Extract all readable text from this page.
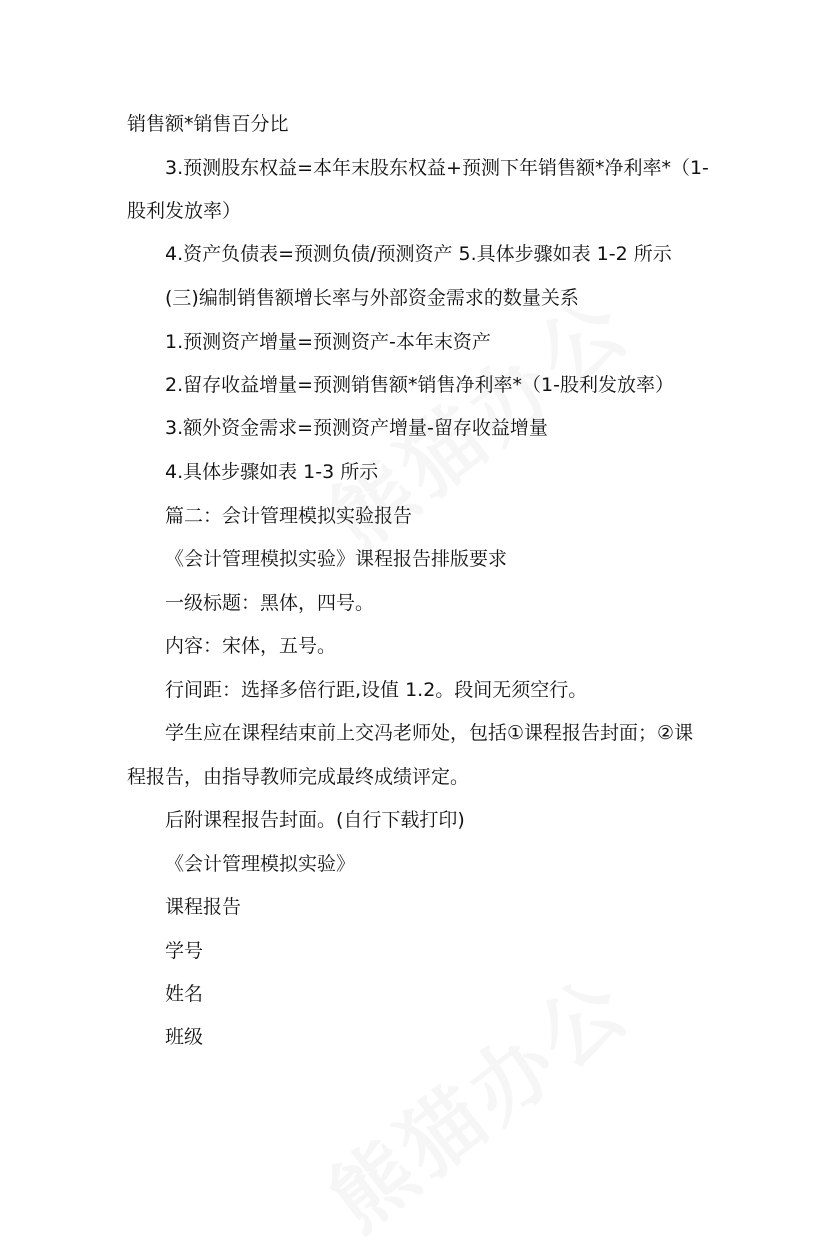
销售额*销售百分比
3.预测股东权益=本年末股东权益+预测下年销售额*净利率*（1-
股利发放率）
4.资产负债表=预测负债/预测资产 5.具体步骤如表 1-2 所示
(三)编制销售额增长率与外部资金需求的数量关系
1.预测资产增量=预测资产-本年末资产
2.留存收益增量=预测销售额*销售净利率*（1-股利发放率）
3.额外资金需求=预测资产增量-留存收益增量
4.具体步骤如表 1-3 所示
篇二：会计管理模拟实验报告
《会计管理模拟实验》课程报告排版要求
一级标题：黑体，四号。
内容：宋体，五号。
行间距：选择多倍行距,设值 1.2。段间无须空行。
学生应在课程结束前上交冯老师处，包括①课程报告封面；②课
程报告，由指导教师完成最终成绩评定。
后附课程报告封面。(自行下载打印)
《会计管理模拟实验》
课程报告
学号
姓名
班级
